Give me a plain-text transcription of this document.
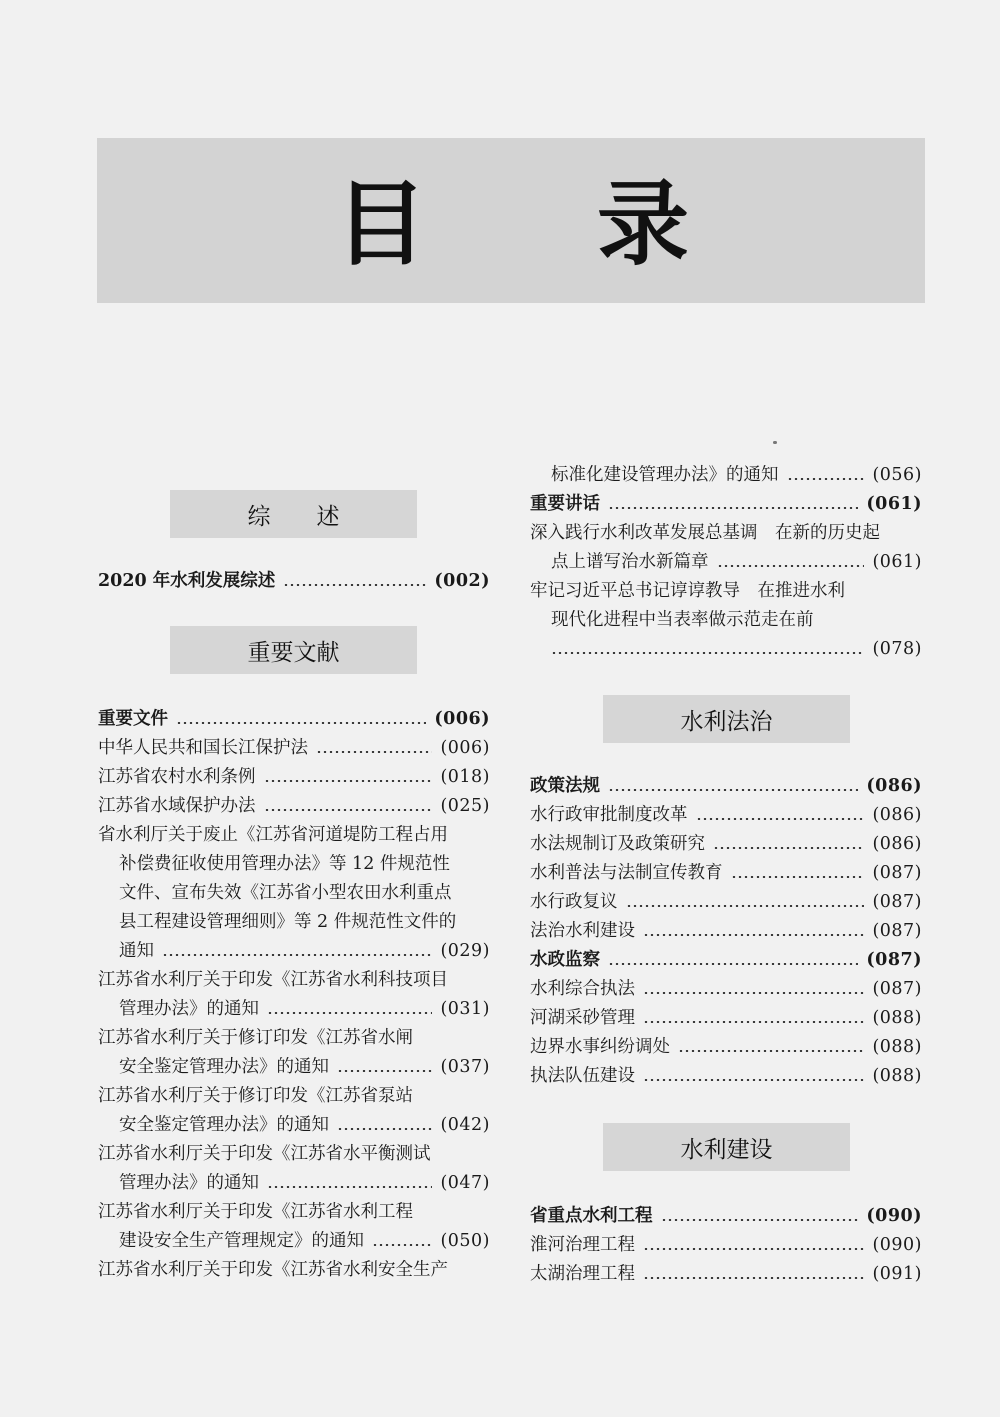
目 录
综　　述
重要文献
水利法治
水利建设
2020 年水利发展综述	(002)
重要文件	(006)
中华人民共和国长江保护法	(006)
江苏省农村水利条例	(018)
江苏省水域保护办法	(025)
省水利厅关于废止《江苏省河道堤防工程占用
补偿费征收使用管理办法》等 12 件规范性
文件、宣布失效《江苏省小型农田水利重点
县工程建设管理细则》等 2 件规范性文件的
通知	(029)
江苏省水利厅关于印发《江苏省水利科技项目
管理办法》的通知	(031)
江苏省水利厅关于修订印发《江苏省水闸
安全鉴定管理办法》的通知	(037)
江苏省水利厅关于修订印发《江苏省泵站
安全鉴定管理办法》的通知	(042)
江苏省水利厅关于印发《江苏省水平衡测试
管理办法》的通知	(047)
江苏省水利厅关于印发《江苏省水利工程
建设安全生产管理规定》的通知	(050)
江苏省水利厅关于印发《江苏省水利安全生产
标准化建设管理办法》的通知	(056)
重要讲话	(061)
深入践行水利改革发展总基调　在新的历史起
点上谱写治水新篇章	(061)
牢记习近平总书记谆谆教导　在推进水利
现代化进程中当表率做示范走在前
(078)
政策法规	(086)
水行政审批制度改革	(086)
水法规制订及政策研究	(086)
水利普法与法制宣传教育	(087)
水行政复议	(087)
法治水利建设	(087)
水政监察	(087)
水利综合执法	(087)
河湖采砂管理	(088)
边界水事纠纷调处	(088)
执法队伍建设	(088)
省重点水利工程	(090)
淮河治理工程	(090)
太湖治理工程	(091)
